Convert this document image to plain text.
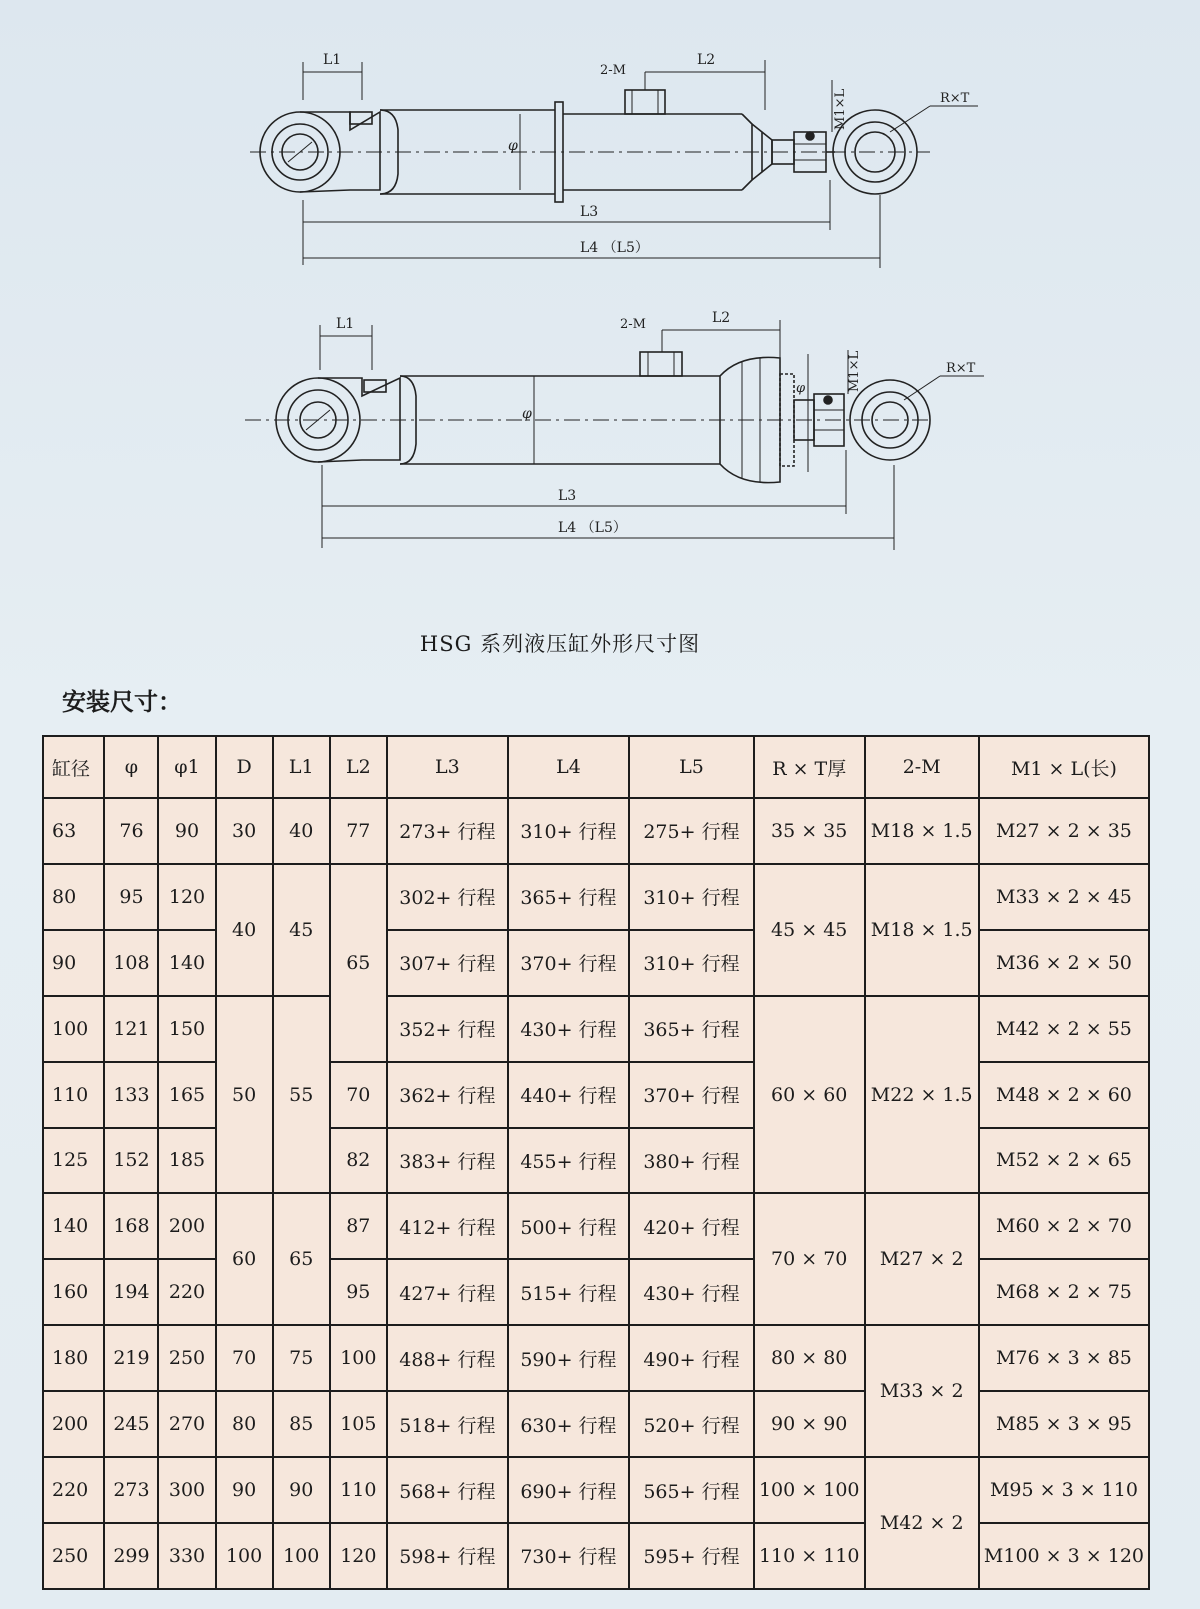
L1
2-M
L2
M1×L	R×T
φ
L3
L4 （L5）
L1	2-M	L2
M1×L	R×T
φ
φ
L3
L4 （L5）
HSG 系列液压缸外形尺寸图
安装尺寸：
缸径	φ	φ1	D	L1	L2	L3	L4	L5	R × T厚	2-M	M1 × L(长)
63	76	90	30	40	77	273+ 行程	310+ 行程	275+ 行程	35 × 35	M18 × 1.5	M27 × 2 × 35
80	95	120	40	45	65	302+ 行程	365+ 行程	310+ 行程	45 × 45	M18 × 1.5	M33 × 2 × 45
90	108	140				307+ 行程	370+ 行程	310+ 行程			M36 × 2 × 50
100	121	150	50	55		352+ 行程	430+ 行程	365+ 行程	60 × 60	M22 × 1.5	M42 × 2 × 55
110	133	165			70	362+ 行程	440+ 行程	370+ 行程			M48 × 2 × 60
125	152	185			82	383+ 行程	455+ 行程	380+ 行程			M52 × 2 × 65
140	168	200	60	65	87	412+ 行程	500+ 行程	420+ 行程	70 × 70	M27 × 2	M60 × 2 × 70
160	194	220			95	427+ 行程	515+ 行程	430+ 行程			M68 × 2 × 75
180	219	250	70	75	100	488+ 行程	590+ 行程	490+ 行程	80 × 80	M33 × 2	M76 × 3 × 85
200	245	270	80	85	105	518+ 行程	630+ 行程	520+ 行程	90 × 90		M85 × 3 × 95
220	273	300	90	90	110	568+ 行程	690+ 行程	565+ 行程	100 × 100	M42 × 2	M95 × 3 × 110
250	299	330	100	100	120	598+ 行程	730+ 行程	595+ 行程	110 × 110		M100 × 3 × 120
